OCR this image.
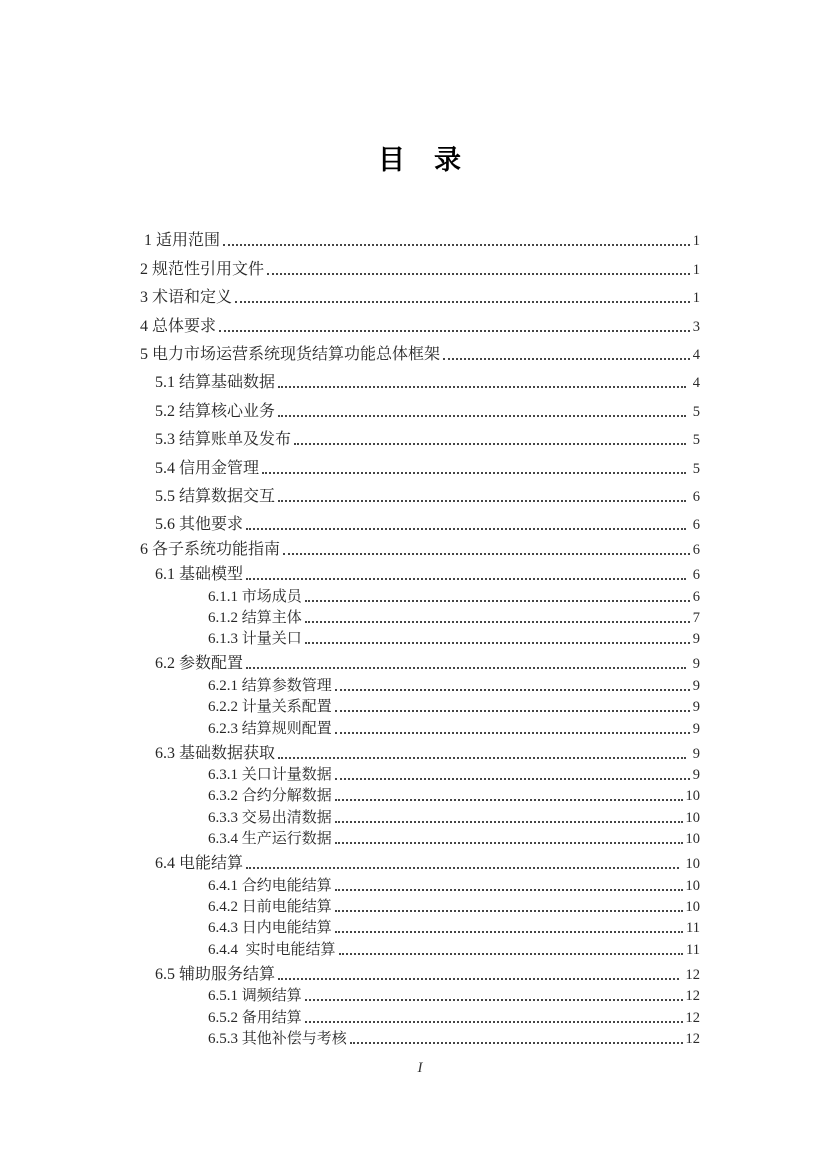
目　录
1 适用范围	1
2 规范性引用文件	1
3 术语和定义	1
4 总体要求	3
5 电力市场运营系统现货结算功能总体框架	4
5.1 结算基础数据	4
5.2 结算核心业务	5
5.3 结算账单及发布	5
5.4 信用金管理	5
5.5 结算数据交互	6
5.6 其他要求	6
6 各子系统功能指南	6
6.1 基础模型	6
6.1.1 市场成员	6
6.1.2 结算主体	7
6.1.3 计量关口	9
6.2 参数配置	9
6.2.1 结算参数管理	9
6.2.2 计量关系配置	9
6.2.3 结算规则配置	9
6.3 基础数据获取	9
6.3.1 关口计量数据	9
6.3.2 合约分解数据	10
6.3.3 交易出清数据	10
6.3.4 生产运行数据	10
6.4 电能结算	10
6.4.1 合约电能结算	10
6.4.2 日前电能结算	10
6.4.3 日内电能结算	11
6.4.4  实时电能结算	11
6.5 辅助服务结算	12
6.5.1 调频结算	12
6.5.2 备用结算	12
6.5.3 其他补偿与考核	12
I
